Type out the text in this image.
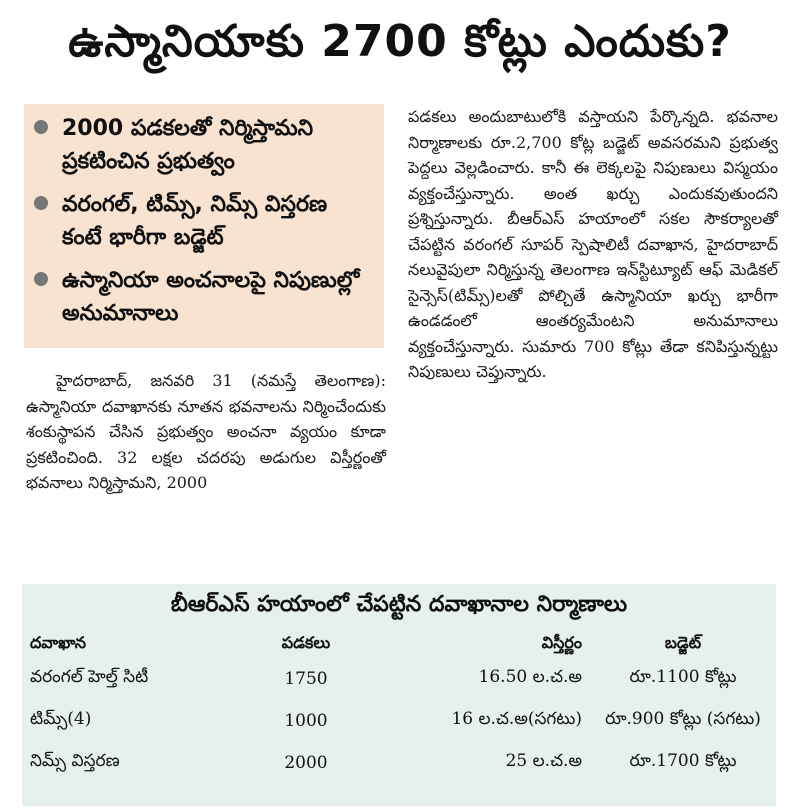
ఉస్మానియాకు 2700 కోట్లు ఎందుకు?
2000 పడకలతో నిర్మిస్తామని ప్రకటించిన ప్రభుత్వం
వరంగల్‌, టిమ్స్‌, నిమ్స్‌ విస్తరణ కంటే భారీగా బడ్జెట్‌
ఉస్మానియా అంచనాలపై నిపుణుల్లో అనుమానాలు
హైదరాబాద్‌, జనవరి 31 (నమస్తే తెలంగాణ): ఉస్మానియా దవాఖానకు నూతన భవనాలను నిర్మించేందుకు శంకుస్థాపన చేసిన ప్రభుత్వం అంచనా వ్యయం కూడా ప్రకటించింది. 32 లక్షల చదరపు అడుగుల విస్తీర్ణంతో భవనాలు నిర్మిస్తామని, 2000
పడకలు అందుబాటులోకి వస్తాయని పేర్కొన్నది. భవనాల నిర్మాణాలకు రూ.2,700 కోట్ల బడ్జెట్‌ అవసరమని ప్రభుత్వ పెద్దలు వెల్లడించారు. కానీ ఈ లెక్కలపై నిపుణులు విస్మయం వ్యక్తంచేస్తున్నారు. అంత ఖర్చు ఎందుకవుతుందని ప్రశ్నిస్తున్నారు. బీఆర్‌ఎస్‌ హయాంలో సకల సౌకర్యాలతో చేపట్టిన వరంగల్‌ సూపర్‌ స్పెషాలిటీ దవాఖాన, హైదరాబాద్‌ నలువైపులా నిర్మిస్తున్న తెలంగాణ ఇన్‌స్టిట్యూట్‌ ఆఫ్‌ మెడికల్‌ సైన్సెస్‌(టిమ్స్‌)లతో పోల్చితే ఉస్మానియా ఖర్చు భారీగా ఉండడంలో ఆంతర్యమేంటని అనుమానాలు వ్యక్తంచేస్తున్నారు. సుమారు 700 కోట్లు తేడా కనిపిస్తున్నట్టు నిపుణులు చెప్తున్నారు.
బీఆర్‌ఎస్‌ హయాంలో చేపట్టిన దవాఖానాల నిర్మాణాలు
దవాఖాన	పడకలు	విస్తీర్ణం	బడ్జెట్‌
వరంగల్‌ హెల్త్‌ సిటీ	1750	16.50 ల.చ.అ	రూ.1100 కోట్లు
టిమ్స్‌(4)	1000	16 ల.చ.అ(సగటు)	రూ.900 కోట్లు (సగటు)
నిమ్స్‌ విస్తరణ	2000	25 ల.చ.అ	రూ.1700 కోట్లు
